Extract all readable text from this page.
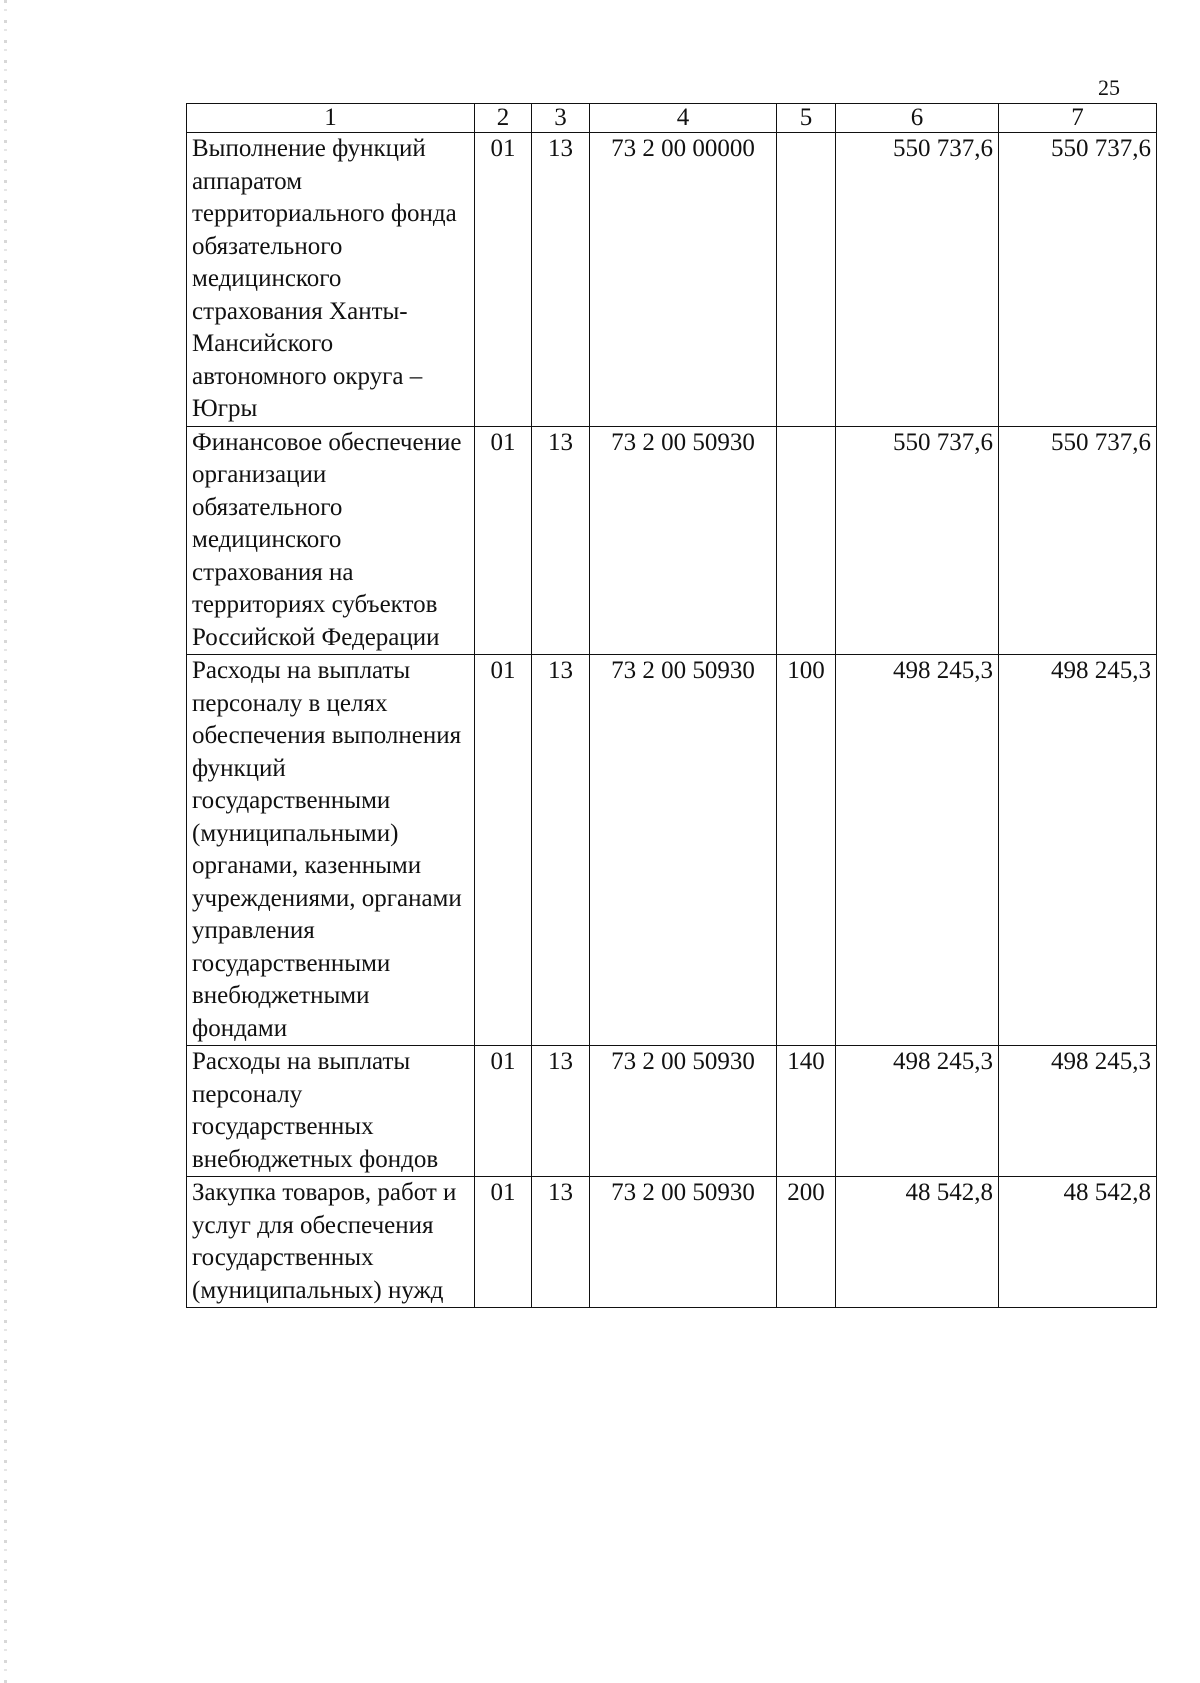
25
1	2	3	4	5	6	7
Выполнение функций аппаратом территориального фонда обязательного медицинского страхования Ханты-Мансийского автономного округа – Югры	01	13	73 2 00 00000		550 737,6	550 737,6
Финансовое обеспечение организации обязательного медицинского страхования на территориях субъектов Российской Федерации	01	13	73 2 00 50930		550 737,6	550 737,6
Расходы на выплаты персоналу в целях обеспечения выполнения функций государственными (муниципальными) органами, казенными учреждениями, органами управления государственными внебюджетными фондами	01	13	73 2 00 50930	100	498 245,3	498 245,3
Расходы на выплаты персоналу государственных внебюджетных фондов	01	13	73 2 00 50930	140	498 245,3	498 245,3
Закупка товаров, работ и услуг для обеспечения государственных (муниципальных) нужд	01	13	73 2 00 50930	200	48 542,8	48 542,8
